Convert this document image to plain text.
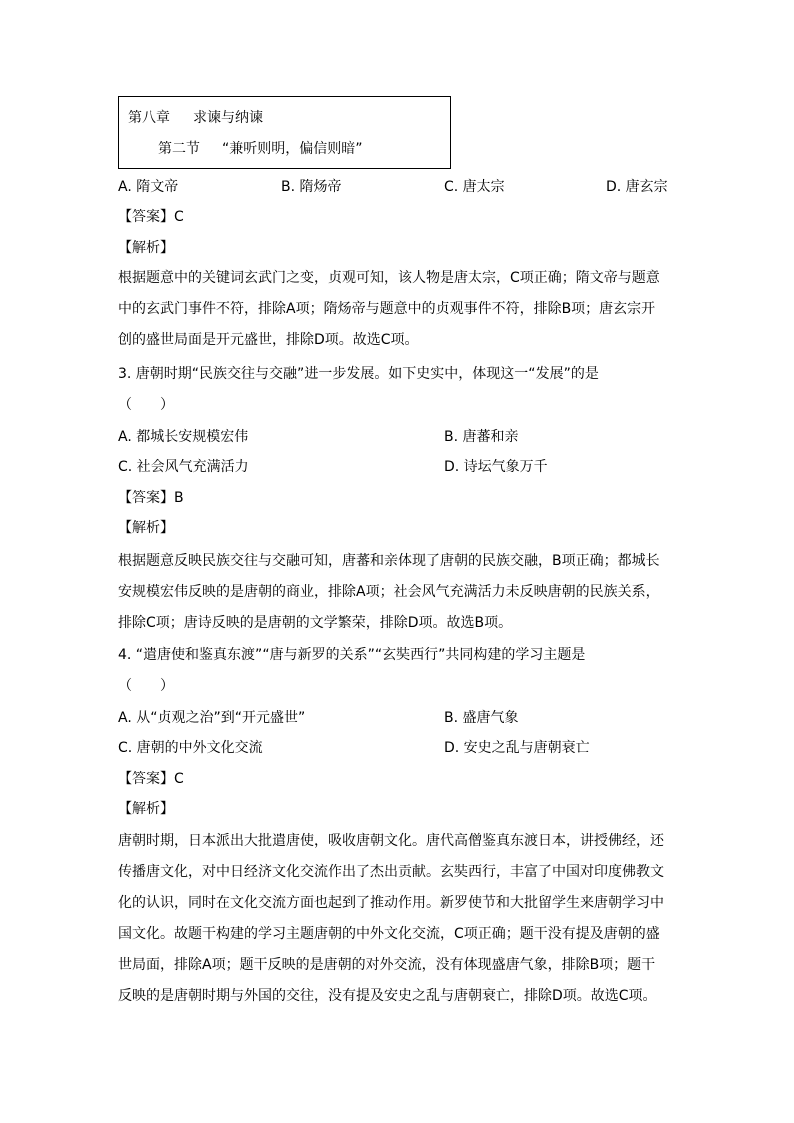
第八章 求谏与纳谏
第二节 “兼听则明，偏信则暗”
A. 隋文帝	B. 隋炀帝	C. 唐太宗	D. 唐玄宗
【答案】C
【解析】
根据题意中的关键词玄武门之变，贞观可知，该人物是唐太宗，C项正确；隋文帝与题意
中的玄武门事件不符，排除A项；隋炀帝与题意中的贞观事件不符，排除B项；唐玄宗开
创的盛世局面是开元盛世，排除D项。故选C项。
3. 唐朝时期“民族交往与交融”进一步发展。如下史实中，体现这一“发展”的是
（　　）
A. 都城长安规模宏伟	B. 唐蕃和亲
C. 社会风气充满活力	D. 诗坛气象万千
【答案】B
【解析】
根据题意反映民族交往与交融可知，唐蕃和亲体现了唐朝的民族交融，B项正确；都城长
安规模宏伟反映的是唐朝的商业，排除A项；社会风气充满活力未反映唐朝的民族关系，
排除C项；唐诗反映的是唐朝的文学繁荣，排除D项。故选B项。
4. “遣唐使和鉴真东渡”“唐与新罗的关系”“玄奘西行”共同构建的学习主题是
（　　）
A. 从“贞观之治”到“开元盛世”	B. 盛唐气象
C. 唐朝的中外文化交流	D. 安史之乱与唐朝衰亡
【答案】C
【解析】
唐朝时期，日本派出大批遣唐使，吸收唐朝文化。唐代高僧鉴真东渡日本，讲授佛经，还
传播唐文化，对中日经济文化交流作出了杰出贡献。玄奘西行，丰富了中国对印度佛教文
化的认识，同时在文化交流方面也起到了推动作用。新罗使节和大批留学生来唐朝学习中
国文化。故题干构建的学习主题唐朝的中外文化交流，C项正确；题干没有提及唐朝的盛
世局面，排除A项；题干反映的是唐朝的对外交流，没有体现盛唐气象，排除B项；题干
反映的是唐朝时期与外国的交往，没有提及安史之乱与唐朝衰亡，排除D项。故选C项。
